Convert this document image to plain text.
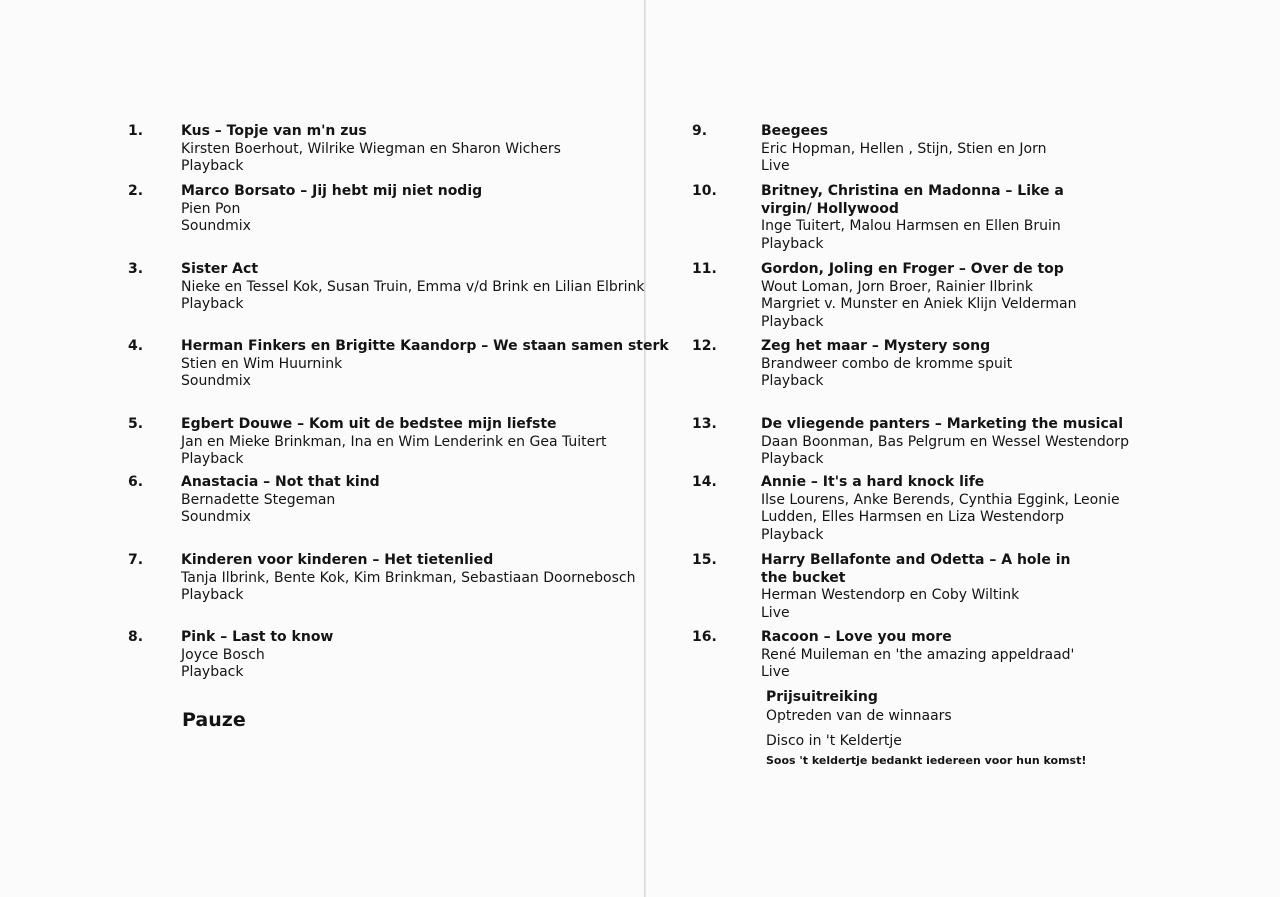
1.	Kus – Topje van m'n zus
Kirsten Boerhout, Wilrike Wiegman en Sharon Wichers
Playback
2.	Marco Borsato – Jij hebt mij niet nodig
Pien Pon
Soundmix
3.	Sister Act
Nieke en Tessel Kok, Susan Truin, Emma v/d Brink en Lilian Elbrink
Playback
4.	Herman Finkers en Brigitte Kaandorp – We staan samen sterk
Stien en Wim Huurnink
Soundmix
5.	Egbert Douwe – Kom uit de bedstee mijn liefste
Jan en Mieke Brinkman, Ina en Wim Lenderink en Gea Tuitert
Playback
6.	Anastacia – Not that kind
Bernadette Stegeman
Soundmix
7.	Kinderen voor kinderen – Het tietenlied
Tanja Ilbrink, Bente Kok, Kim Brinkman, Sebastiaan Doornebosch
Playback
8.	Pink – Last to know
Joyce Bosch
Playback
Pauze
9.	Beegees
Eric Hopman, Hellen , Stijn, Stien en Jorn
Live
10.	Britney, Christina en Madonna – Like a virgin/ Hollywood
Inge Tuitert, Malou Harmsen en Ellen Bruin
Playback
11.	Gordon, Joling en Froger – Over de top
Wout Loman, Jorn Broer, Rainier Ilbrink
Margriet v. Munster en Aniek Klijn Velderman
Playback
12.	Zeg het maar – Mystery song
Brandweer combo de kromme spuit
Playback
13.	De vliegende panters – Marketing the musical
Daan Boonman, Bas Pelgrum en Wessel Westendorp
Playback
14.	Annie – It's a hard knock life
Ilse Lourens, Anke Berends, Cynthia Eggink, Leonie
Ludden, Elles Harmsen en Liza Westendorp
Playback
15.	Harry Bellafonte and Odetta – A hole in the bucket
Herman Westendorp en Coby Wiltink
Live
16.	Racoon – Love you more
René Muileman en 'the amazing appeldraad'
Live
Prijsuitreiking
Optreden van de winnaars
Disco in 't Keldertje
Soos 't keldertje bedankt iedereen voor hun komst!
